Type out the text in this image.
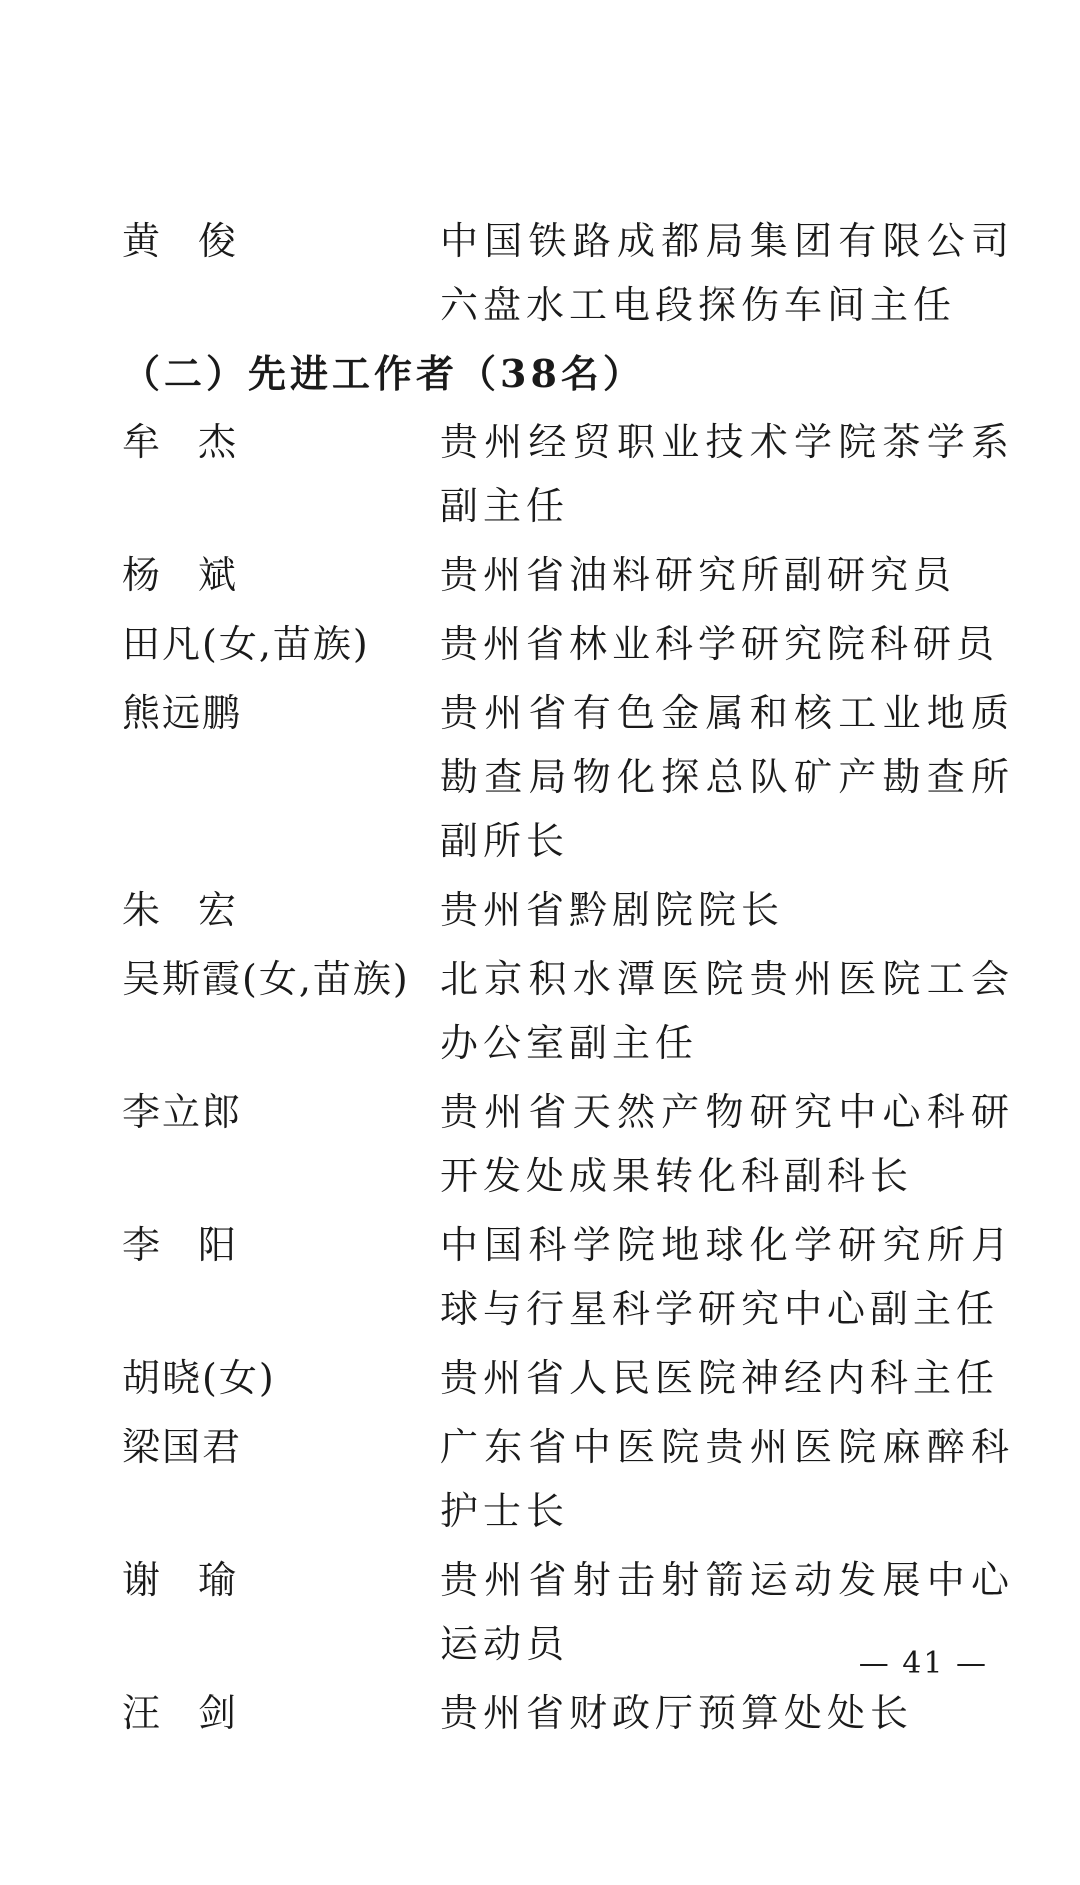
黄俊	中国铁路成都局集团有限公司六盘水工电段探伤车间主任
（二）先进工作者（38名）
牟杰	贵州经贸职业技术学院茶学系副主任
杨斌	贵州省油料研究所副研究员
田凡(女,苗族)	贵州省林业科学研究院科研员
熊远鹏	贵州省有色金属和核工业地质勘查局物化探总队矿产勘查所副所长
朱宏	贵州省黔剧院院长
吴斯霞(女,苗族) 北京积水潭医院贵州医院工会办公室副主任
李立郎	贵州省天然产物研究中心科研开发处成果转化科副科长
李阳	中国科学院地球化学研究所月球与行星科学研究中心副主任
胡晓(女)	贵州省人民医院神经内科主任
梁国君	广东省中医院贵州医院麻醉科护士长
谢瑜	贵州省射击射箭运动发展中心运动员
汪剑	贵州省财政厅预算处处长
— 41 —
